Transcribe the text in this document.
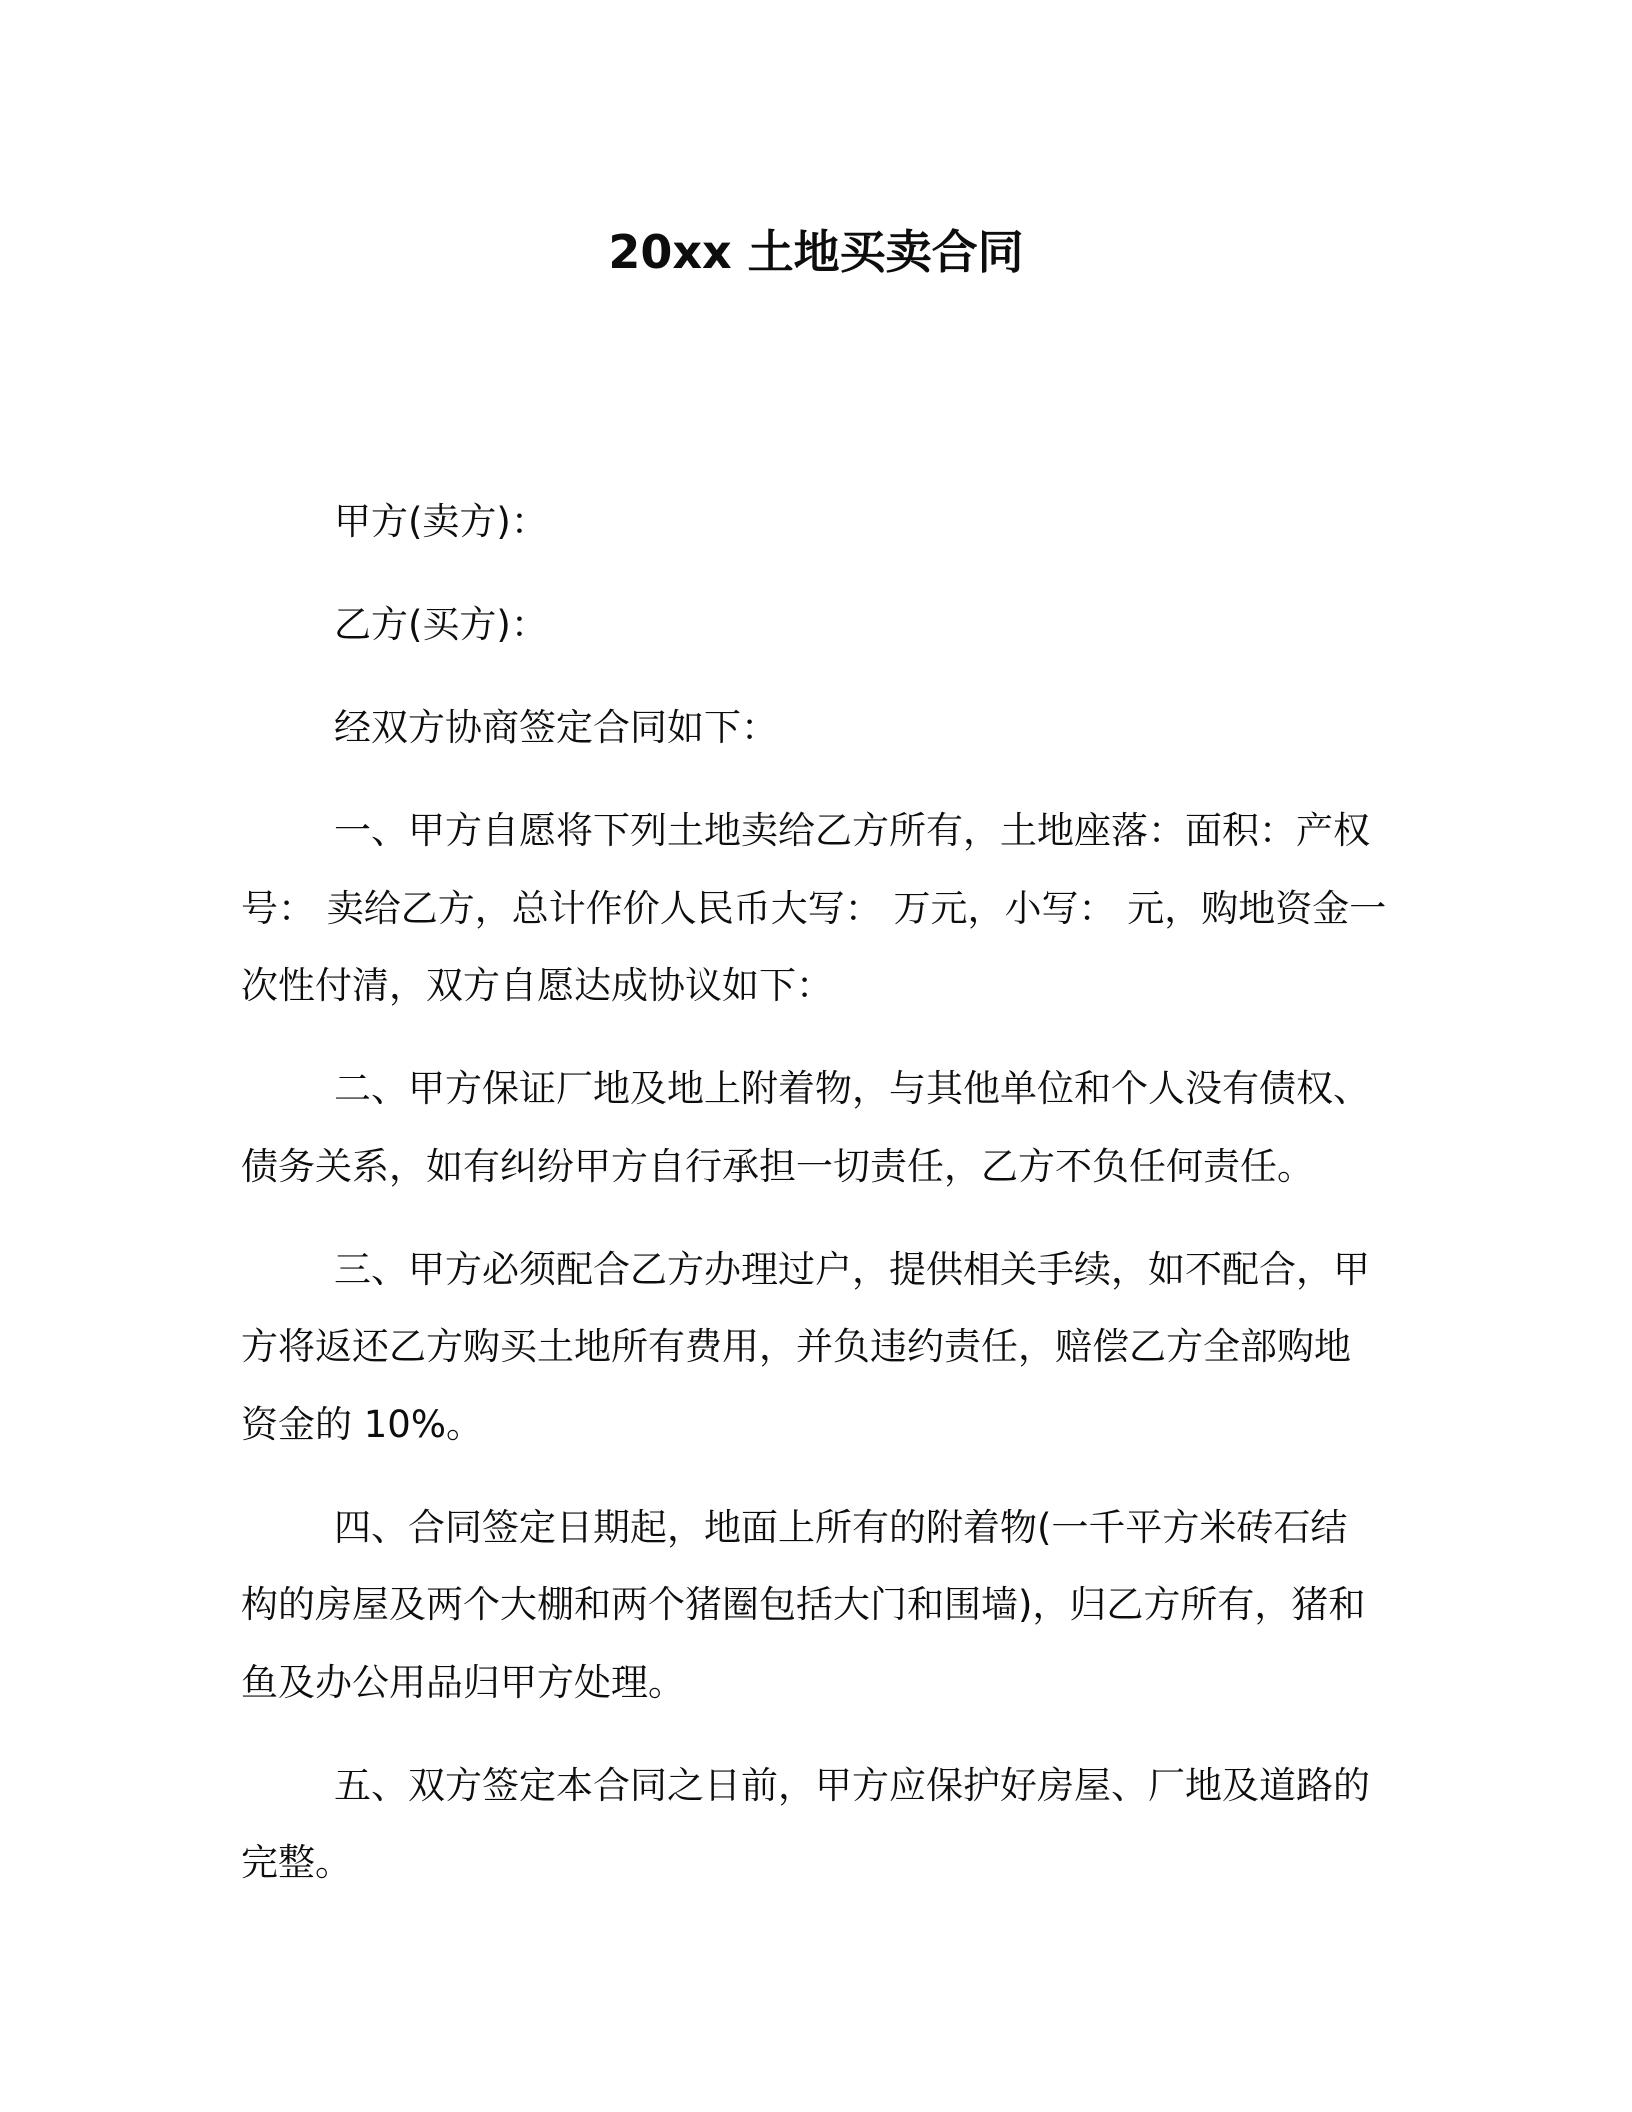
20xx 土地买卖合同
甲方(卖方)：
乙方(买方)：
经双方协商签定合同如下：
一、甲方自愿将下列土地卖给乙方所有，土地座落：面积：产权
号： 卖给乙方，总计作价人民币大写： 万元，小写： 元，购地资金一
次性付清，双方自愿达成协议如下：
二、甲方保证厂地及地上附着物，与其他单位和个人没有债权、
债务关系，如有纠纷甲方自行承担一切责任，乙方不负任何责任。
三、甲方必须配合乙方办理过户，提供相关手续，如不配合，甲
方将返还乙方购买土地所有费用，并负违约责任，赔偿乙方全部购地
资金的 10%。
四、合同签定日期起，地面上所有的附着物(一千平方米砖石结
构的房屋及两个大棚和两个猪圈包括大门和围墙)，归乙方所有，猪和
鱼及办公用品归甲方处理。
五、双方签定本合同之日前，甲方应保护好房屋、厂地及道路的
完整。
